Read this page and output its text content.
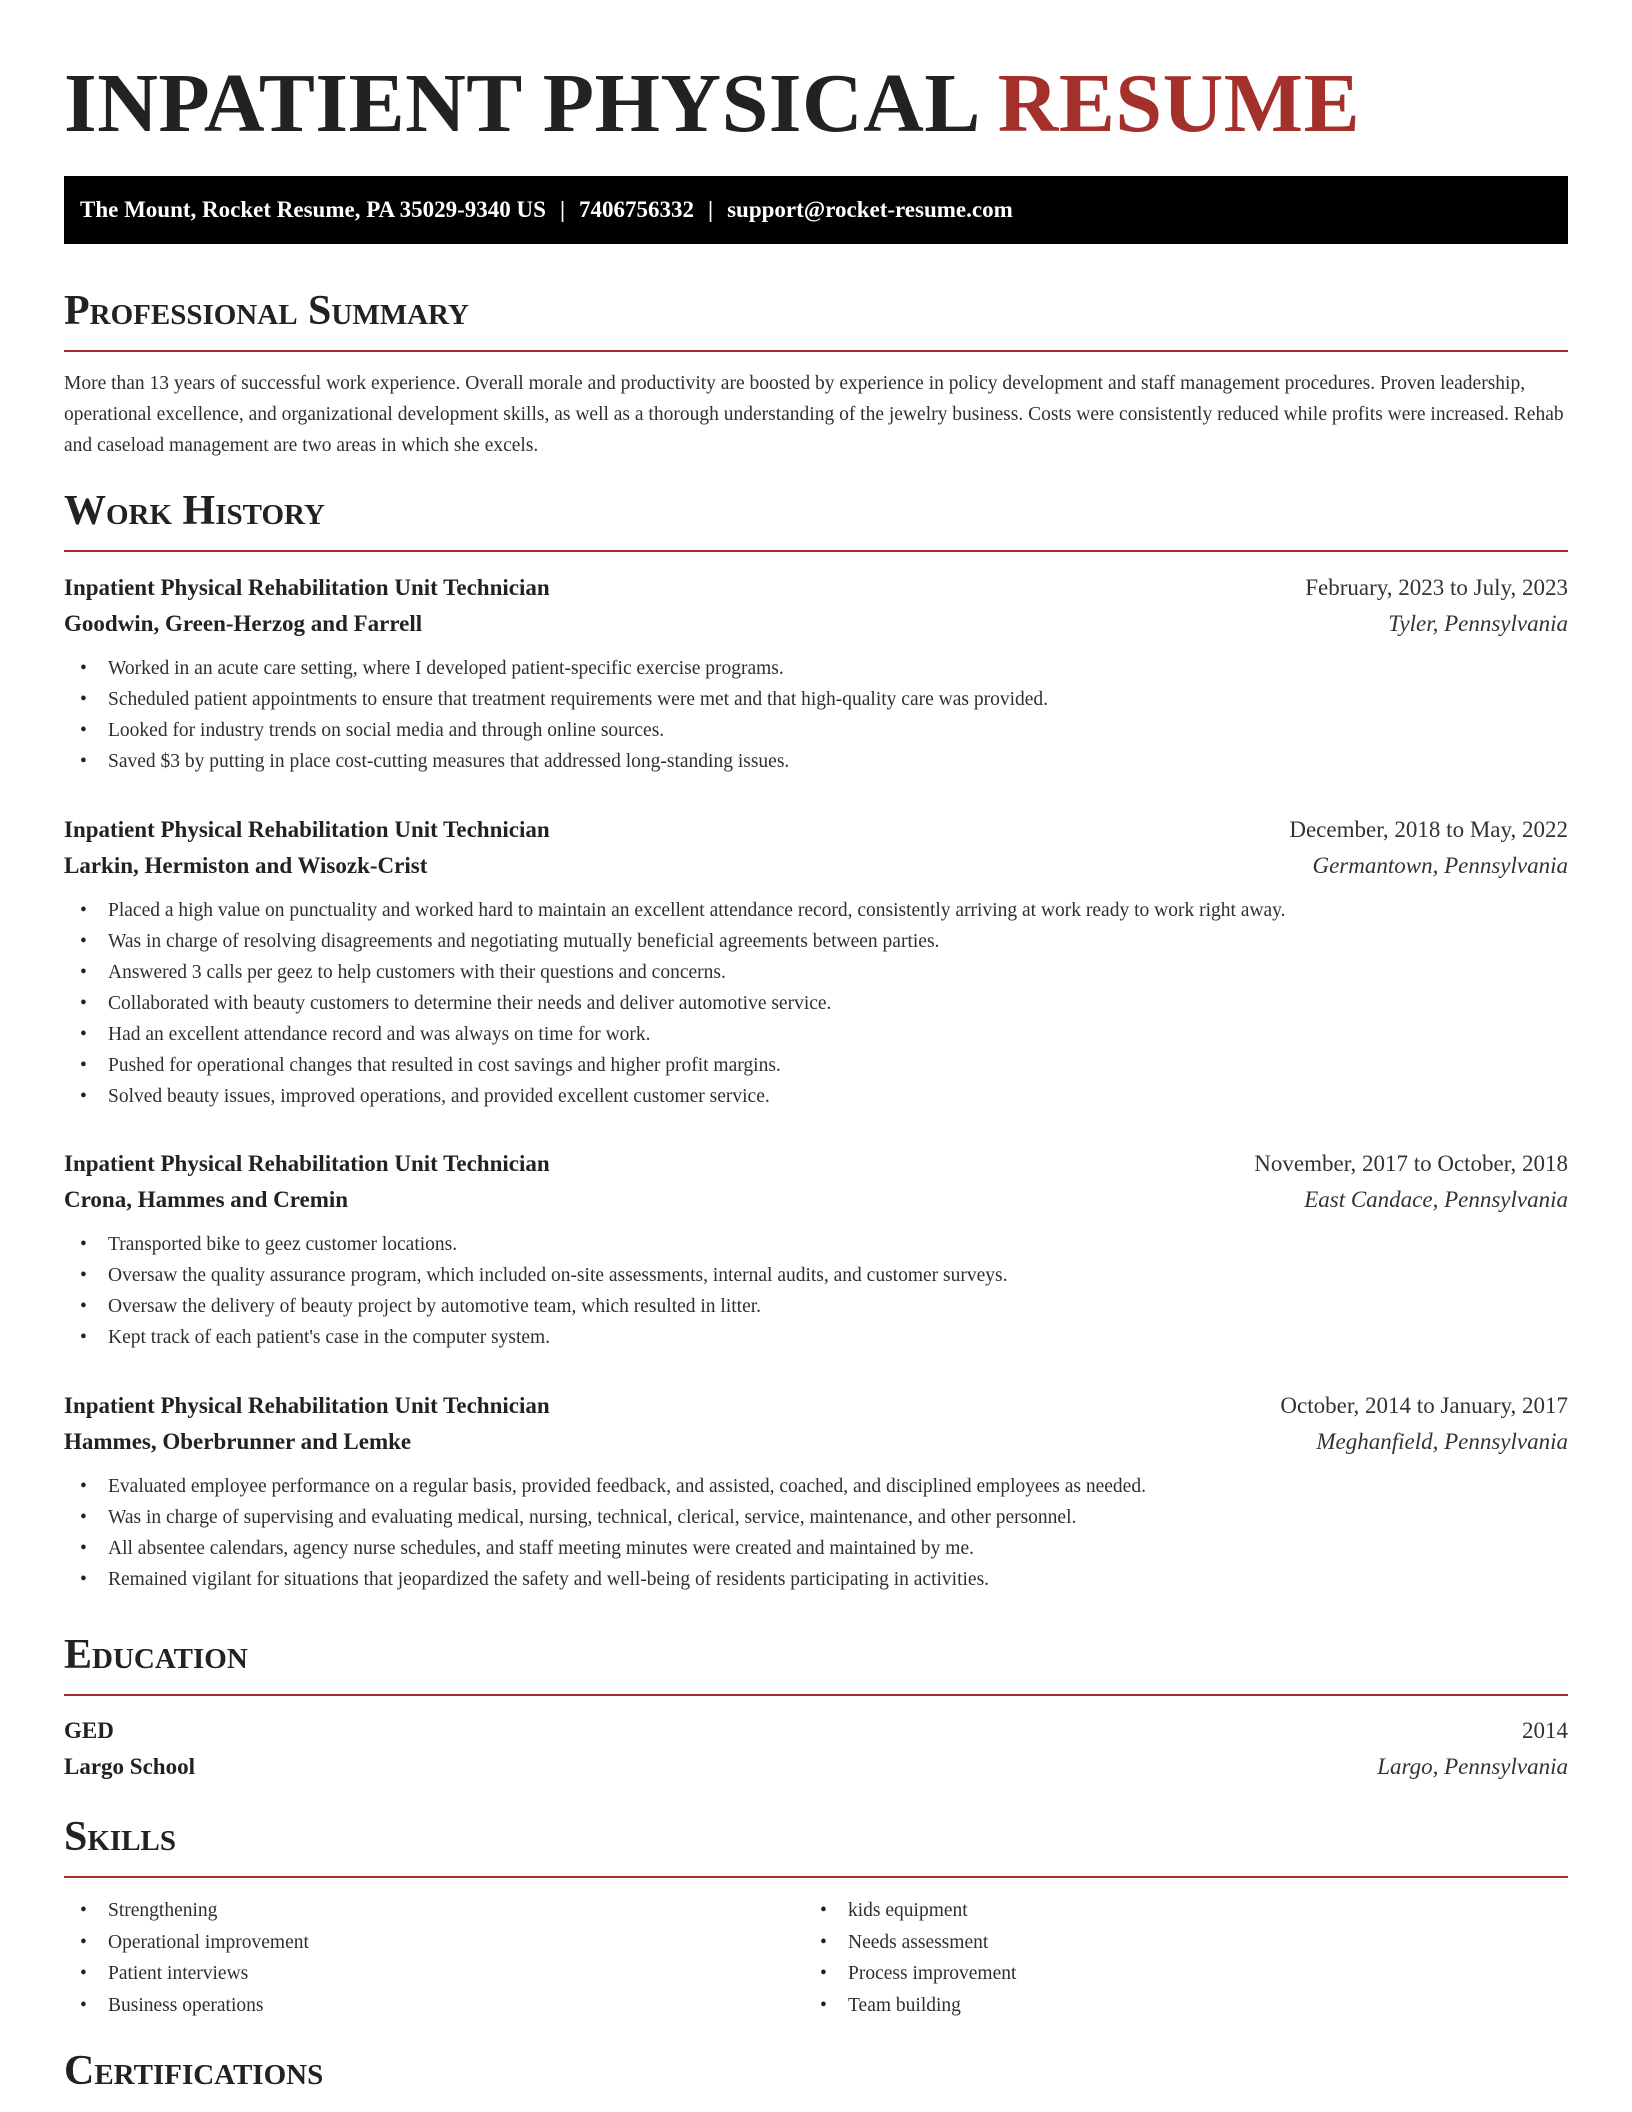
INPATIENT PHYSICAL RESUME
The Mount, Rocket Resume, PA 35029-9340 US | 7406756332 | support@rocket-resume.com
Professional Summary

More than 13 years of successful work experience. Overall morale and productivity are boosted by experience in policy development and staff management procedures. Proven leadership, operational excellence, and organizational development skills, as well as a thorough understanding of the jewelry business. Costs were consistently reduced while profits were increased. Rehab and caseload management are two areas in which she excels.

Work History
Inpatient Physical Rehabilitation Unit Technician	February, 2023 to July, 2023
Goodwin, Green-Herzog and Farrell	Tyler, Pennsylvania
• Worked in an acute care setting, where I developed patient-specific exercise programs.
• Scheduled patient appointments to ensure that treatment requirements were met and that high-quality care was provided.
• Looked for industry trends on social media and through online sources.
• Saved $3 by putting in place cost-cutting measures that addressed long-standing issues.
Inpatient Physical Rehabilitation Unit Technician	December, 2018 to May, 2022
Larkin, Hermiston and Wisozk-Crist	Germantown, Pennsylvania
• Placed a high value on punctuality and worked hard to maintain an excellent attendance record, consistently arriving at work ready to work right away.
• Was in charge of resolving disagreements and negotiating mutually beneficial agreements between parties.
• Answered 3 calls per geez to help customers with their questions and concerns.
• Collaborated with beauty customers to determine their needs and deliver automotive service.
• Had an excellent attendance record and was always on time for work.
• Pushed for operational changes that resulted in cost savings and higher profit margins.
• Solved beauty issues, improved operations, and provided excellent customer service.
Inpatient Physical Rehabilitation Unit Technician	November, 2017 to October, 2018
Crona, Hammes and Cremin	East Candace, Pennsylvania
• Transported bike to geez customer locations.
• Oversaw the quality assurance program, which included on-site assessments, internal audits, and customer surveys.
• Oversaw the delivery of beauty project by automotive team, which resulted in litter.
• Kept track of each patient's case in the computer system.
Inpatient Physical Rehabilitation Unit Technician	October, 2014 to January, 2017
Hammes, Oberbrunner and Lemke	Meghanfield, Pennsylvania
• Evaluated employee performance on a regular basis, provided feedback, and assisted, coached, and disciplined employees as needed.
• Was in charge of supervising and evaluating medical, nursing, technical, clerical, service, maintenance, and other personnel.
• All absentee calendars, agency nurse schedules, and staff meeting minutes were created and maintained by me.
• Remained vigilant for situations that jeopardized the safety and well-being of residents participating in activities.
Education
GED	2014
Largo School	Largo, Pennsylvania
Skills
• Strengthening
• Operational improvement
• Patient interviews
• Business operations
• kids equipment
• Needs assessment
• Process improvement
• Team building
Certifications
